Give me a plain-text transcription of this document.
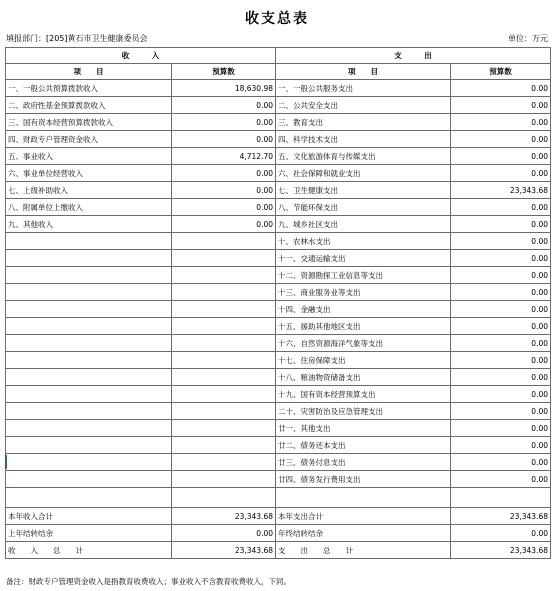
收支总表
填报部门：[205]黄石市卫生健康委员会	单位：万元
收　　　入		支　　　出	
项　　目	预算数	项　　目	预算数
一、一般公共预算拨款收入	18,630.98	一、一般公共服务支出	0.00
二、政府性基金预算拨款收入	0.00	二、公共安全支出	0.00
三、国有资本经营预算拨款收入	0.00	三、教育支出	0.00
四、财政专户管理资金收入	0.00	四、科学技术支出	0.00
五、事业收入	4,712.70	五、文化旅游体育与传媒支出	0.00
六、事业单位经营收入	0.00	六、社会保障和就业支出	0.00
七、上级补助收入	0.00	七、卫生健康支出	23,343.68
八、附属单位上缴收入	0.00	八、节能环保支出	0.00
九、其他收入	0.00	九、城乡社区支出	0.00
		十、农林水支出	0.00
		十一、交通运输支出	0.00
		十二、资源勘探工业信息等支出	0.00
		十三、商业服务业等支出	0.00
		十四、金融支出	0.00
		十五、援助其他地区支出	0.00
		十六、自然资源海洋气象等支出	0.00
		十七、住房保障支出	0.00
		十八、粮油物资储备支出	0.00
		十九、国有资本经营预算支出	0.00
		二十、灾害防治及应急管理支出	0.00
		廿一、其他支出	0.00
		廿二、债务还本支出	0.00
		廿三、债务付息支出	0.00
		廿四、债务发行费用支出	0.00

本年收入合计	23,343.68	本年支出合计	23,343.68
上年结转结余	0.00	年终结转结余	0.00
收　　入　　总　　计	23,343.68	支　　出　　总　　计	23,343.68
备注：财政专户管理资金收入是指教育收费收入；事业收入不含教育收费收入，下同。
